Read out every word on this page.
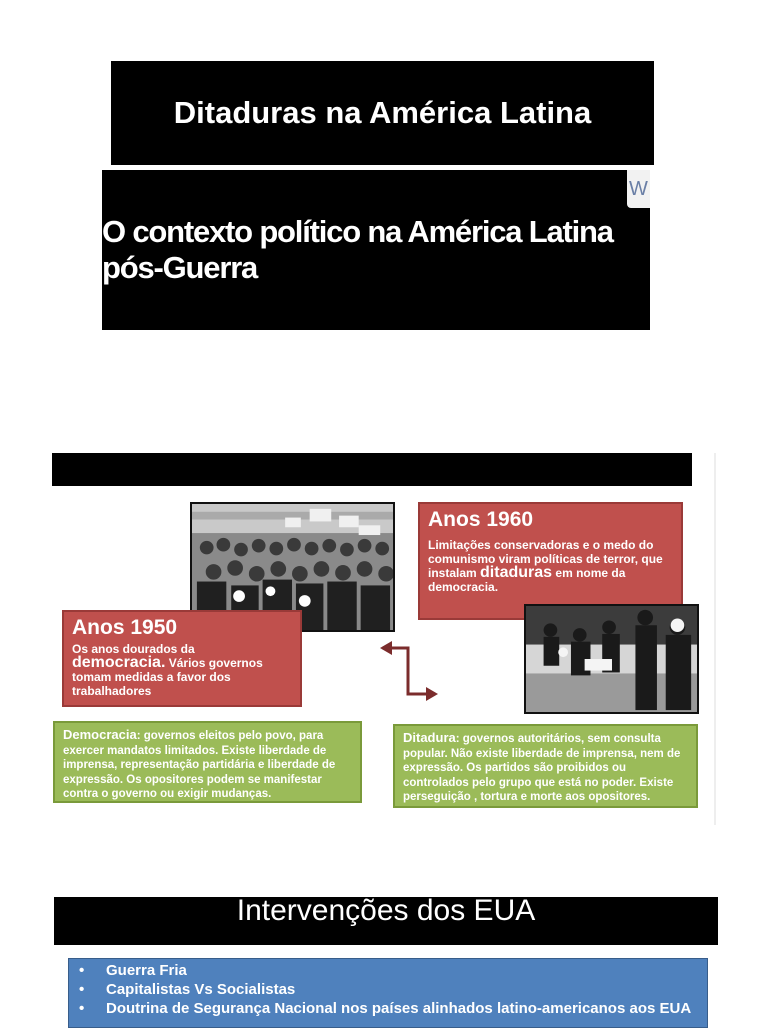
Ditaduras na América Latina
O contexto político na América Latina pós-Guerra
W
Anos 1960
Limitações conservadoras e o medo do comunismo viram políticas de terror, que instalam ditaduras em nome da democracia.
Anos 1950
Os anos dourados da
democracia. Vários governos tomam medidas a favor dos trabalhadores
Democracia: governos eleitos pelo povo, para exercer mandatos limitados. Existe liberdade de imprensa, representação partidária e liberdade de expressão. Os opositores podem se manifestar contra o governo ou exigir mudanças.
Ditadura: governos autoritários, sem consulta popular. Não existe liberdade de imprensa, nem de expressão. Os partidos são proibidos ou controlados pelo grupo que está no poder. Existe perseguição , tortura e morte aos opositores.
Intervenções dos EUA
• Guerra Fria
• Capitalistas Vs Socialistas
• Doutrina de Segurança Nacional nos países alinhados latino-americanos aos EUA
